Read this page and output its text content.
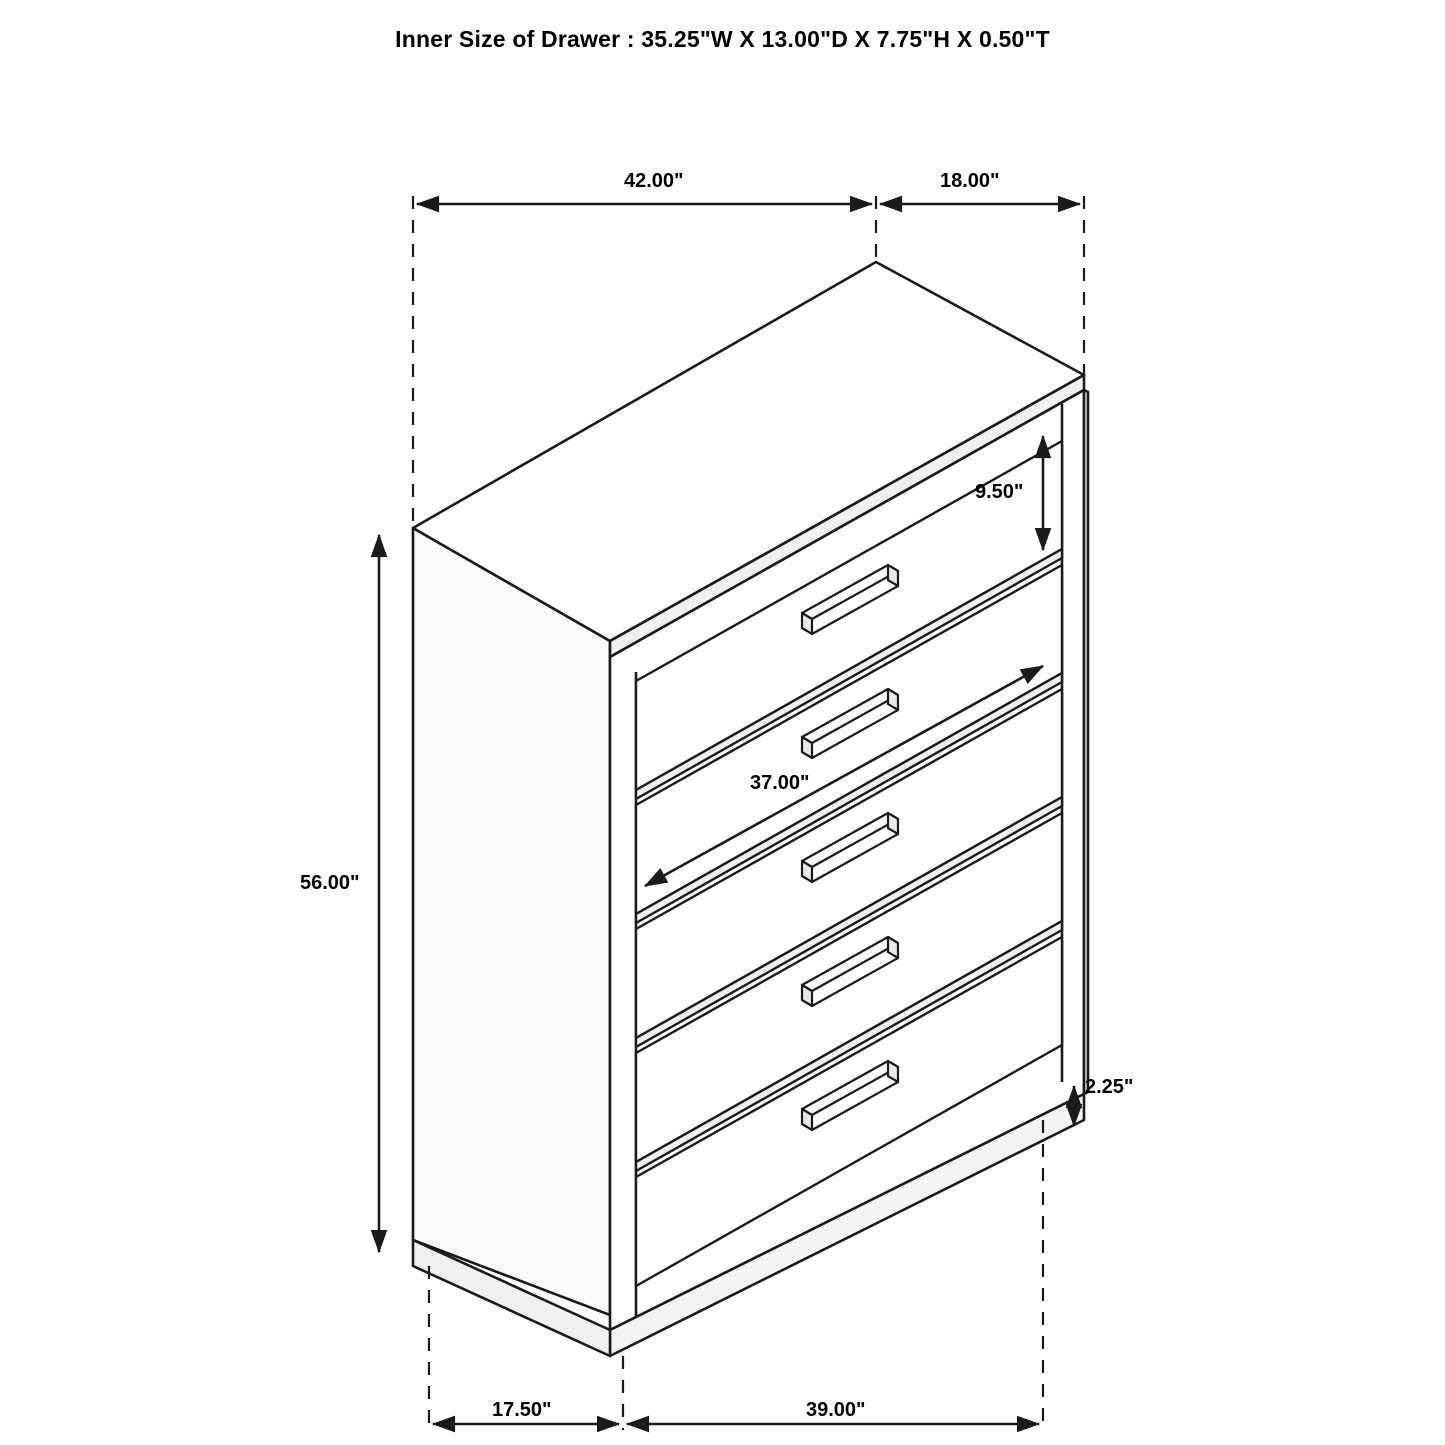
Inner Size of Drawer : 35.25"W X 13.00"D X 7.75"H X 0.50"T
42.00"	18.00"
9.50"
37.00"
56.00"
2.25"
17.50"	39.00"
